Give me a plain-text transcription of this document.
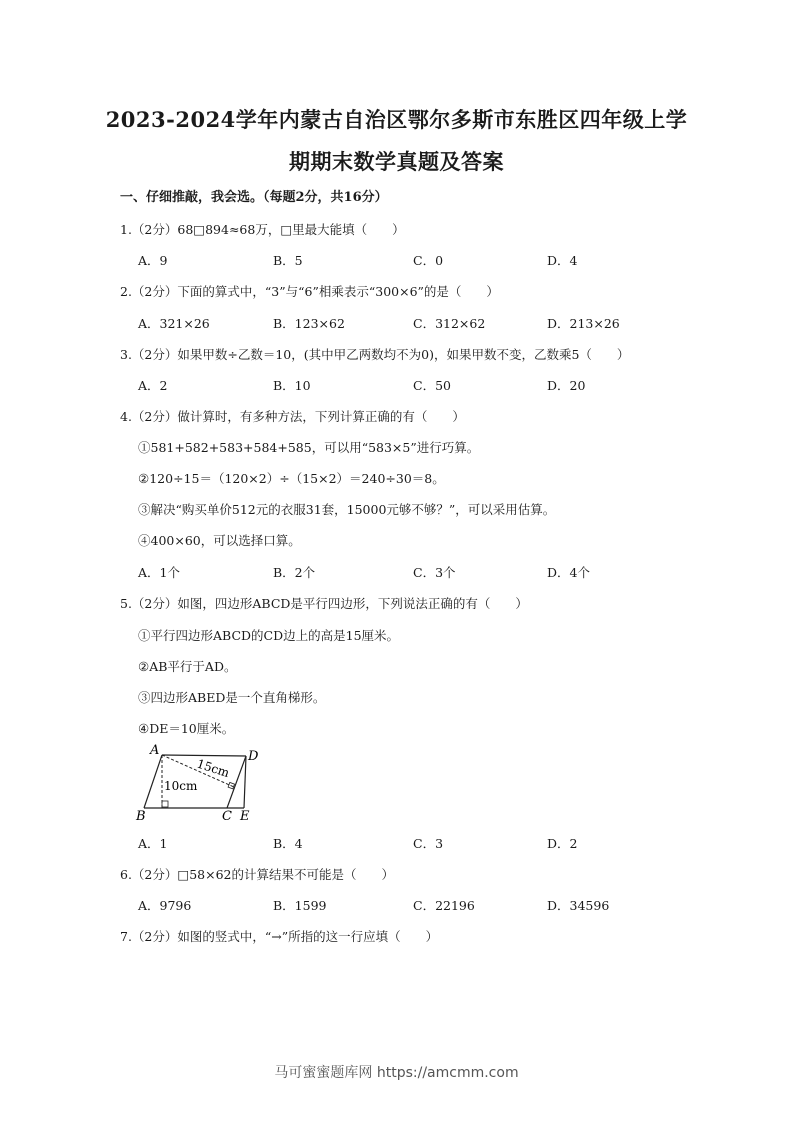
2023-2024学年内蒙古自治区鄂尔多斯市东胜区四年级上学
期期末数学真题及答案
一、仔细推敲，我会选。（每题2分，共16分）
1.（2分）68□894≈68万，□里最大能填（　　）
A．9	B．5	C．0	D．4
2.（2分）下面的算式中，“3”与“6”相乘表示“300×6”的是（　　）
A．321×26	B．123×62	C．312×62	D．213×26
3.（2分）如果甲数÷乙数＝10，(其中甲乙两数均不为0)，如果甲数不变，乙数乘5（　　）
A．2	B．10	C．50	D．20
4.（2分）做计算时，有多种方法，下列计算正确的有（　　）
①581+582+583+584+585，可以用“583×5”进行巧算。
②120÷15＝（120×2）÷（15×2）＝240÷30＝8。
③解决“购买单价512元的衣服31套，15000元够不够？”，可以采用估算。
④400×60，可以选择口算。
A．1个	B．2个	C．3个	D．4个
5.（2分）如图，四边形ABCD是平行四边形，下列说法正确的有（　　）
①平行四边形ABCD的CD边上的高是15厘米。
②AB平行于AD。
③四边形ABED是一个直角梯形。
④DE＝10厘米。
A
B	C
D
E
15cm
10cm
A．1	B．4	C．3	D．2
6.（2分）□58×62的计算结果不可能是（　　）
A．9796	B．1599	C．22196	D．34596
7.（2分）如图的竖式中，“→”所指的这一行应填（　　）
马可蜜蜜题库网 https://amcmm.com
